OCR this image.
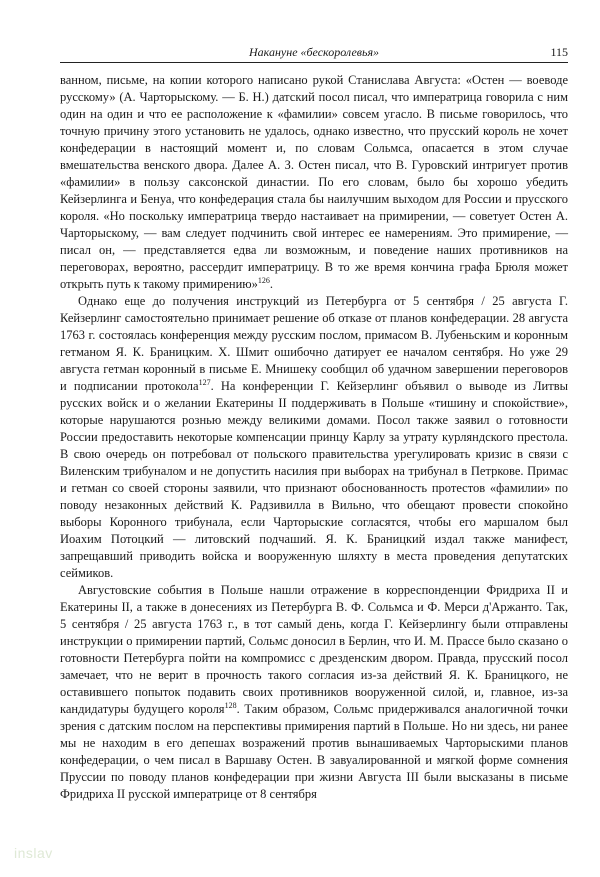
Накануне «бескоролевья»	115

ванном, письме, на копии которого написано рукой Станислава Августа: «Остен — воеводе русскому» (А. Чарторыскому. — Б. Н.) датский посол писал, что императрица говорила с ним один на один и что ее расположение к «фамилии» совсем угасло. В письме говорилось, что точную причину этого установить не удалось, однако известно, что прусский король не хочет конфедерации в настоящий момент и, по словам Сольмса, опасается в этом случае вмешательства венского двора. Далее А. З. Остен писал, что В. Гуровский интригует против «фамилии» в пользу саксонской династии. По его словам, было бы хорошо убедить Кейзерлинга и Бенуа, что конфедерация стала бы наилучшим выходом для России и прусского короля. «Но поскольку императрица твердо настаивает на примирении, — советует Остен А. Чарторыскому, — вам следует подчинить свой интерес ее намерениям. Это примирение, — писал он, — представляется едва ли возможным, и поведение наших противников на переговорах, вероятно, рассердит императрицу. В то же время кончина графа Брюля может открыть путь к такому примирению»$^{126}$.

Однако еще до получения инструкций из Петербурга от 5 сентября / 25 августа Г. Кейзерлинг самостоятельно принимает решение об отказе от планов конфедерации. 28 августа 1763 г. состоялась конференция между русским послом, примасом В. Лубеньским и коронным гетманом Я. К. Браницким. Х. Шмит ошибочно датирует ее началом сентября. Но уже 29 августа гетман коронный в письме Е. Мнишеку сообщил об удачном завершении переговоров и подписании протокола$^{127}$. На конференции Г. Кейзерлинг объявил о выводе из Литвы русских войск и о желании Екатерины II поддерживать в Польше «тишину и спокойствие», которые нарушаются рознью между великими домами. Посол также заявил о готовности России предоставить некоторые компенсации принцу Карлу за утрату курляндского престола. В свою очередь он потребовал от польского правительства урегулировать кризис в связи с Виленским трибуналом и не допустить насилия при выборах на трибунал в Петркове. Примас и гетман со своей стороны заявили, что признают обоснованность протестов «фамилии» по поводу незаконных действий К. Радзивилла в Вильно, что обещают провести спокойно выборы Коронного трибунала, если Чарторыские согласятся, чтобы его маршалом был Иоахим Потоцкий — литовский подчаший. Я. К. Браницкий издал также манифест, запрещавший приводить войска и вооруженную шляхту в места проведения депутатских сеймиков.

Августовские события в Польше нашли отражение в корреспонденции Фридриха II и Екатерины II, а также в донесениях из Петербурга В. Ф. Сольмса и Ф. Мерси д'Аржанто. Так, 5 сентября / 25 августа 1763 г., в тот самый день, когда Г. Кейзерлингу были отправлены инструкции о примирении партий, Сольмс доносил в Берлин, что И. М. Прассе было сказано о готовности Петербурга пойти на компромисс с дрезденским двором. Правда, прусский посол замечает, что не верит в прочность такого согласия из-за действий Я. К. Браницкого, не оставившего попыток подавить своих противников вооруженной силой, и, главное, из-за кандидатуры будущего короля$^{128}$. Таким образом, Сольмс придерживался аналогичной точки зрения с датским послом на перспективы примирения партий в Польше. Но ни здесь, ни ранее мы не находим в его депешах возражений против вынашиваемых Чарторыскими планов конфедерации, о чем писал в Варшаву Остен. В завуалированной и мягкой форме сомнения Пруссии по поводу планов конфедерации при жизни Августа III были высказаны в письме Фридриха II русской императрице от 8 сентября

inslav
